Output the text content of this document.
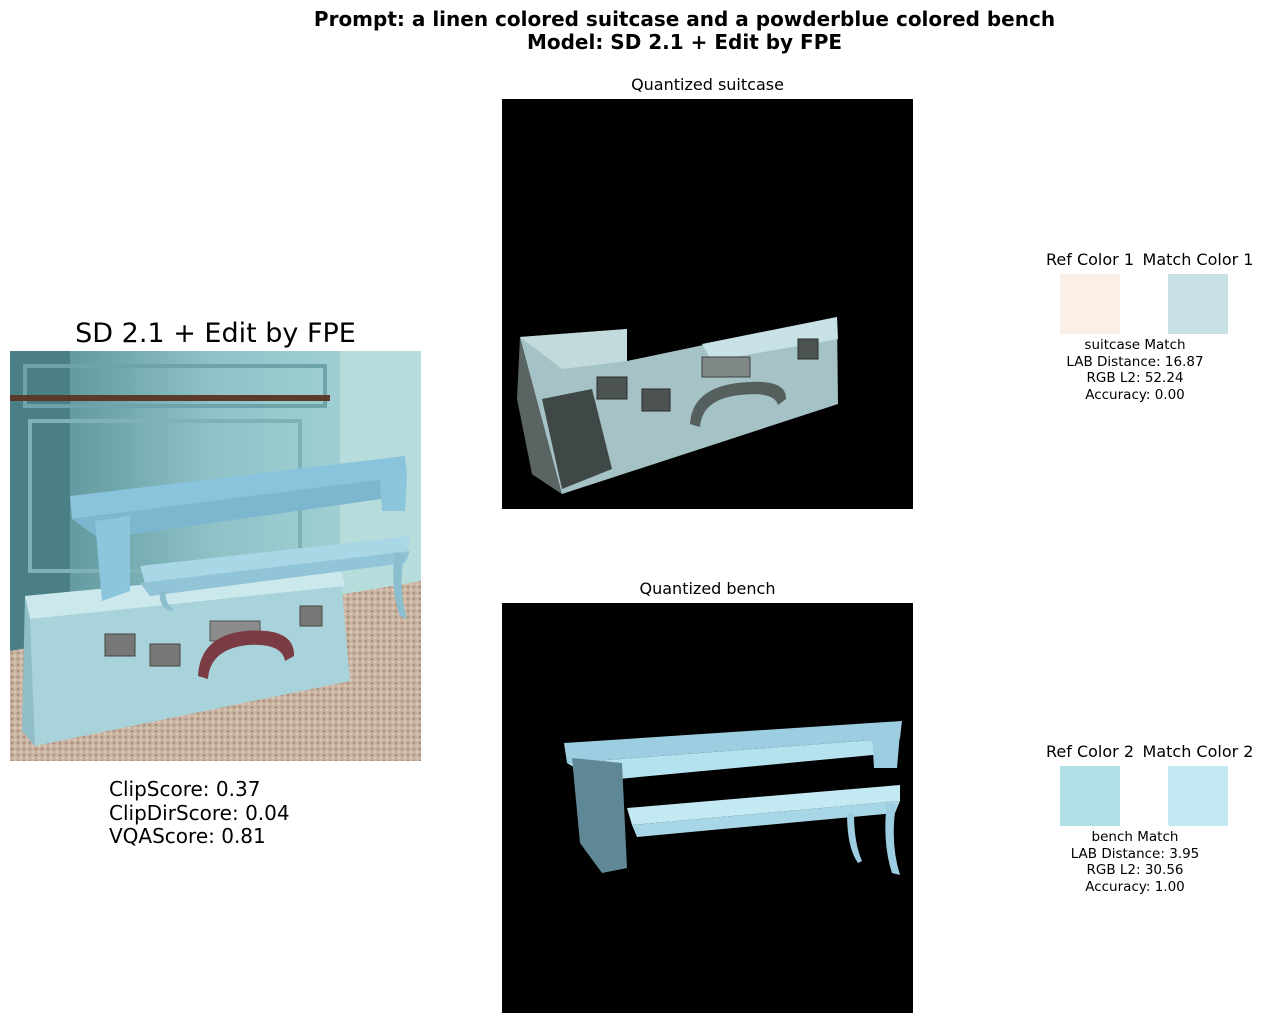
Prompt: a linen colored suitcase and a powderblue colored bench
Model: SD 2.1 + Edit by FPE
SD 2.1 + Edit by FPE
ClipScore: 0.37
ClipDirScore: 0.04
VQAScore: 0.81
Quantized suitcase
Quantized bench
Ref Color 1 Match Color 1
suitcase Match
LAB Distance: 16.87
RGB L2: 52.24
Accuracy: 0.00
Ref Color 2 Match Color 2
bench Match
LAB Distance: 3.95
RGB L2: 30.56
Accuracy: 1.00
